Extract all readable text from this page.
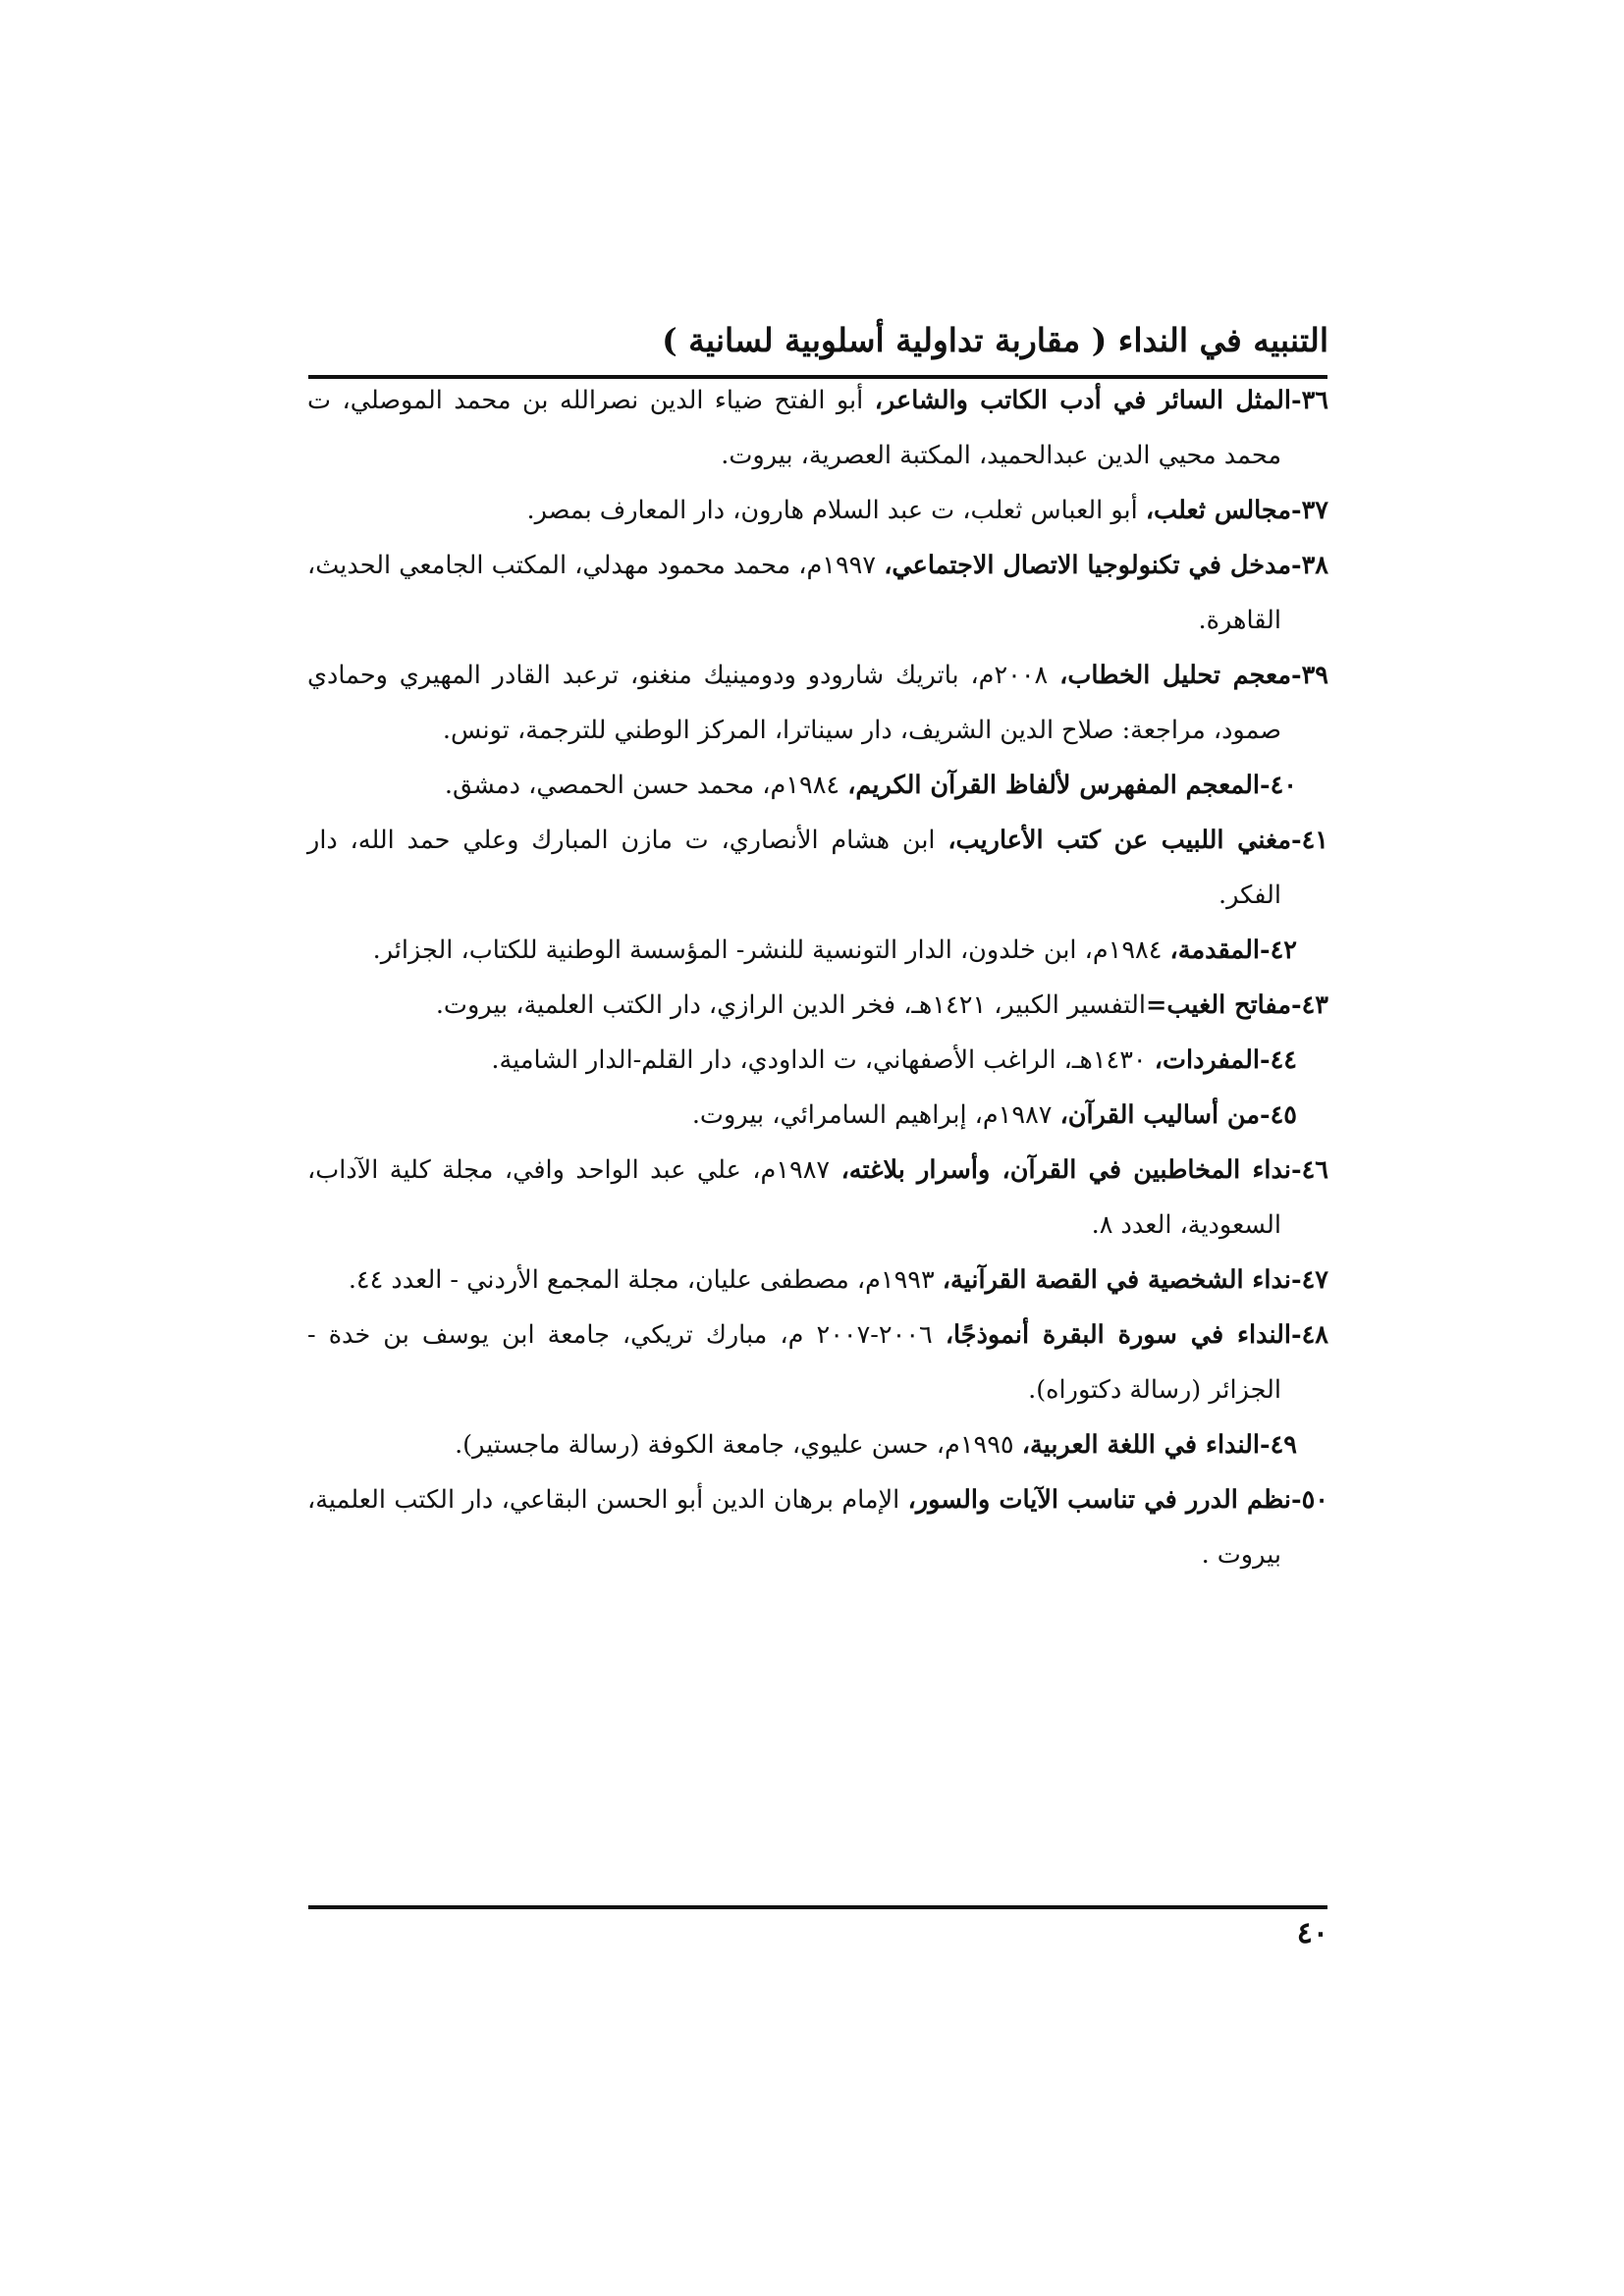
التنبيه في النداء ( مقاربة تداولية أسلوبية لسانية )
٣٦-المثل السائر في أدب الكاتب والشاعر، أبو الفتح ضياء الدين نصرالله بن محمد الموصلي، ت محمد محيي الدين عبدالحميد، المكتبة العصرية، بيروت.
٣٧-مجالس ثعلب، أبو العباس ثعلب، ت عبد السلام هارون، دار المعارف بمصر.
٣٨-مدخل في تكنولوجيا الاتصال الاجتماعي، ١٩٩٧م، محمد محمود مهدلي، المكتب الجامعي الحديث، القاهرة.
٣٩-معجم تحليل الخطاب، ٢٠٠٨م، باتريك شارودو ودومينيك منغنو، ترعبد القادر المهيري وحمادي صمود، مراجعة: صلاح الدين الشريف، دار سيناترا، المركز الوطني للترجمة، تونس.
٤٠-المعجم المفهرس لألفاظ القرآن الكريم، ١٩٨٤م، محمد حسن الحمصي، دمشق.
٤١-مغني اللبيب عن كتب الأعاريب، ابن هشام الأنصاري، ت مازن المبارك وعلي حمد الله، دار الفكر.
٤٢-المقدمة، ١٩٨٤م، ابن خلدون، الدار التونسية للنشر- المؤسسة الوطنية للكتاب، الجزائر.
٤٣-مفاتح الغيب=التفسير الكبير، ١٤٢١هـ، فخر الدين الرازي، دار الكتب العلمية، بيروت.
٤٤-المفردات، ١٤٣٠هـ، الراغب الأصفهاني، ت الداودي، دار القلم-الدار الشامية.
٤٥-من أساليب القرآن، ١٩٨٧م، إبراهيم السامرائي، بيروت.
٤٦-نداء المخاطبين في القرآن، وأسرار بلاغته، ١٩٨٧م، علي عبد الواحد وافي، مجلة كلية الآداب، السعودية، العدد ٨.
٤٧-نداء الشخصية في القصة القرآنية، ١٩٩٣م، مصطفى عليان، مجلة المجمع الأردني - العدد ٤٤.
٤٨-النداء في سورة البقرة أنموذجًا، ٢٠٠٦-٢٠٠٧ م، مبارك تريكي، جامعة ابن يوسف بن خدة - الجزائر (رسالة دكتوراه).
٤٩-النداء في اللغة العربية، ١٩٩٥م، حسن عليوي، جامعة الكوفة (رسالة ماجستير).
٥٠-نظم الدرر في تناسب الآيات والسور، الإمام برهان الدين أبو الحسن البقاعي، دار الكتب العلمية، بيروت .
٤٠
